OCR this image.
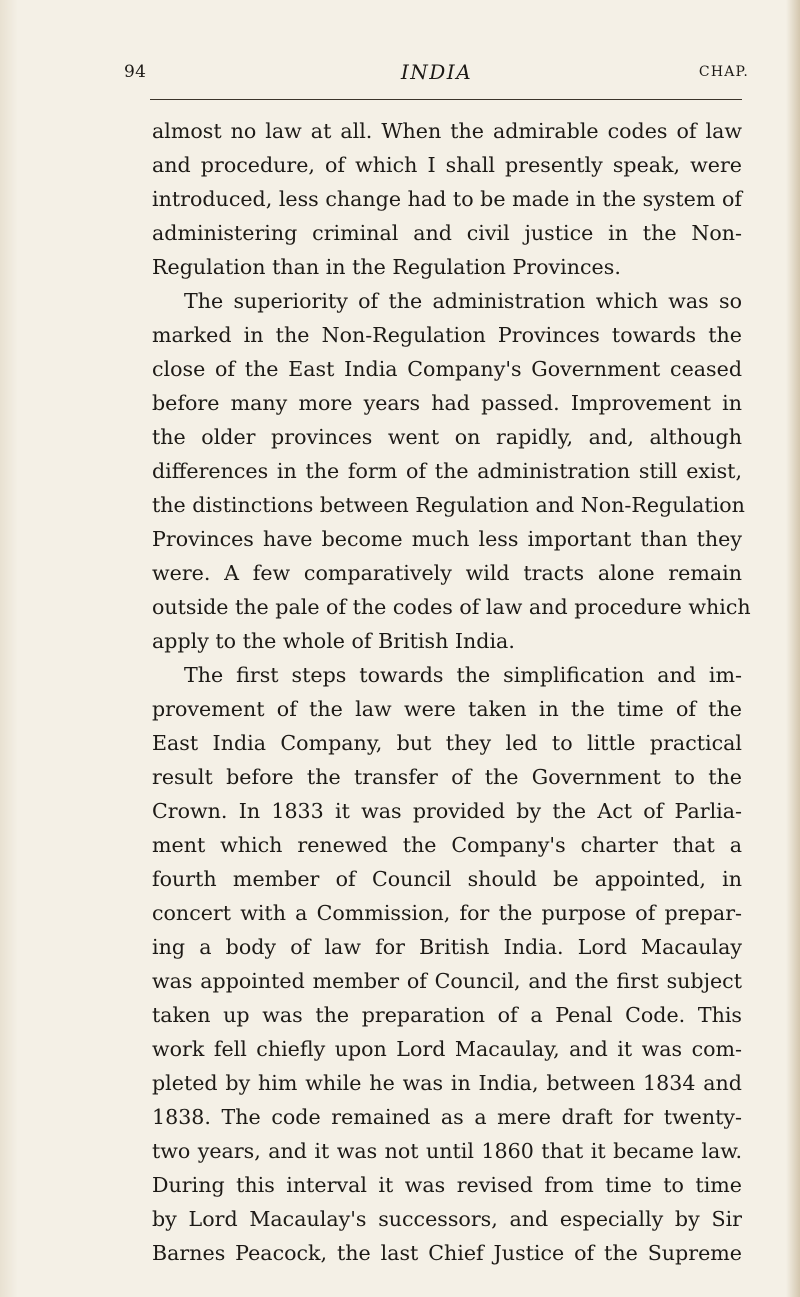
94	INDIA	CHAP.
almost no law at all. When the admirable codes of law
and procedure, of which I shall presently speak, were
introduced, less change had to be made in the system of
administering criminal and civil justice in the Non-
Regulation than in the Regulation Provinces.
The superiority of the administration which was so
marked in the Non-Regulation Provinces towards the
close of the East India Company's Government ceased
before many more years had passed. Improvement in
the older provinces went on rapidly, and, although
differences in the form of the administration still exist,
the distinctions between Regulation and Non-Regulation
Provinces have become much less important than they
were. A few comparatively wild tracts alone remain
outside the pale of the codes of law and procedure which
apply to the whole of British India.
The first steps towards the simplification and im-
provement of the law were taken in the time of the
East India Company, but they led to little practical
result before the transfer of the Government to the
Crown. In 1833 it was provided by the Act of Parlia-
ment which renewed the Company's charter that a
fourth member of Council should be appointed, in
concert with a Commission, for the purpose of prepar-
ing a body of law for British India. Lord Macaulay
was appointed member of Council, and the first subject
taken up was the preparation of a Penal Code. This
work fell chiefly upon Lord Macaulay, and it was com-
pleted by him while he was in India, between 1834 and
1838. The code remained as a mere draft for twenty-
two years, and it was not until 1860 that it became law.
During this interval it was revised from time to time
by Lord Macaulay's successors, and especially by Sir
Barnes Peacock, the last Chief Justice of the Supreme
